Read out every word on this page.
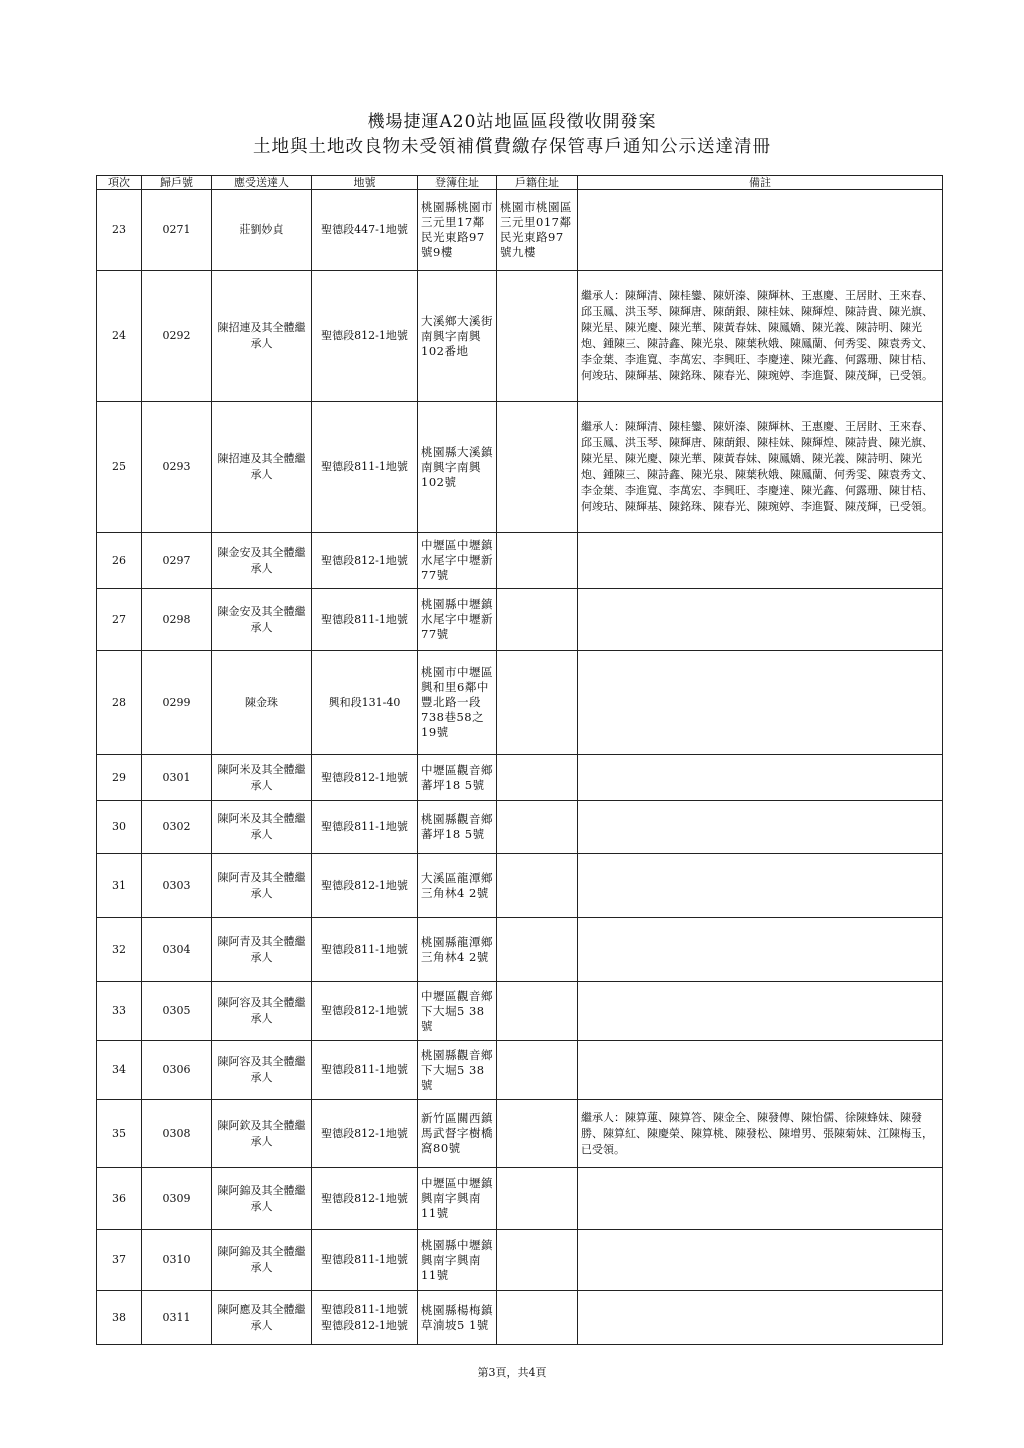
機場捷運A20站地區區段徵收開發案
土地與土地改良物未受領補償費繳存保管專戶通知公示送達清冊
項次	歸戶號	應受送達人	地號	登簿住址	戶籍住址	備註
23	0271	莊劉妙貞	聖德段447-1地號	桃園縣桃園市三元里17鄰民光東路97號9樓	桃園市桃園區三元里017鄰民光東路97號九樓	
24	0292	陳招連及其全體繼承人	聖德段812-1地號	大溪鄉大溪街南興字南興102番地		繼承人：陳輝清、陳桂鑾、陳妍溱、陳輝林、王惠慶、王居財、王來春、邱玉鳳、洪玉琴、陳輝唐、陳蓢銀、陳桂妹、陳輝煌、陳詩貴、陳光旗、陳光星、陳光慶、陳光華、陳黃春妹、陳鳳嬌、陳光義、陳詩明、陳光炮、鍾陳三、陳詩鑫、陳光泉、陳葉秋娥、陳鳳蘭、何秀雯、陳袁秀文、李金葉、李進寬、李萬宏、李興旺、李慶達、陳光鑫、何露珊、陳甘桔、何竣玷、陳輝基、陳銘珠、陳春光、陳琬婷、李進賢、陳茂輝，已受領。
25	0293	陳招連及其全體繼承人	聖德段811-1地號	桃園縣大溪鎮南興字南興102號		繼承人：陳輝清、陳桂鑾、陳妍溱、陳輝林、王惠慶、王居財、王來春、邱玉鳳、洪玉琴、陳輝唐、陳蓢銀、陳桂妹、陳輝煌、陳詩貴、陳光旗、陳光星、陳光慶、陳光華、陳黃春妹、陳鳳嬌、陳光義、陳詩明、陳光炮、鍾陳三、陳詩鑫、陳光泉、陳葉秋娥、陳鳳蘭、何秀雯、陳袁秀文、李金葉、李進寬、李萬宏、李興旺、李慶達、陳光鑫、何露珊、陳甘桔、何竣玷、陳輝基、陳銘珠、陳春光、陳琬婷、李進賢、陳茂輝，已受領。
26	0297	陳金安及其全體繼承人	聖德段812-1地號	中壢區中壢鎮水尾字中壢新77號		
27	0298	陳金安及其全體繼承人	聖德段811-1地號	桃園縣中壢鎮水尾字中壢新77號		
28	0299	陳金珠	興和段131-40	桃園市中壢區興和里6鄰中豐北路一段738巷58之19號		
29	0301	陳阿米及其全體繼承人	聖德段812-1地號	中壢區觀音鄉蕃坪18 5號		
30	0302	陳阿米及其全體繼承人	聖德段811-1地號	桃園縣觀音鄉蕃坪18 5號		
31	0303	陳阿青及其全體繼承人	聖德段812-1地號	大溪區龍潭鄉三角林4 2號		
32	0304	陳阿青及其全體繼承人	聖德段811-1地號	桃園縣龍潭鄉三角林4 2號		
33	0305	陳阿容及其全體繼承人	聖德段812-1地號	中壢區觀音鄉下大堀5 38號		
34	0306	陳阿容及其全體繼承人	聖德段811-1地號	桃園縣觀音鄉下大堀5 38號		
35	0308	陳阿欽及其全體繼承人	聖德段812-1地號	新竹區關西鎮馬武督字樹橋窩80號		繼承人：陳算蓮、陳算答、陳金全、陳發傳、陳怡儒、徐陳蜂妹、陳發勝、陳算紅、陳慶榮、陳算桃、陳發松、陳增男、張陳菊妹、江陳梅玉，已受領。
36	0309	陳阿錦及其全體繼承人	聖德段812-1地號	中壢區中壢鎮興南字興南11號		
37	0310	陳阿錦及其全體繼承人	聖德段811-1地號	桃園縣中壢鎮興南字興南11號		
38	0311	陳阿應及其全體繼承人	聖德段811-1地號 聖德段812-1地號	桃園縣楊梅鎮草湳坡5 1號		
第3頁，共4頁
